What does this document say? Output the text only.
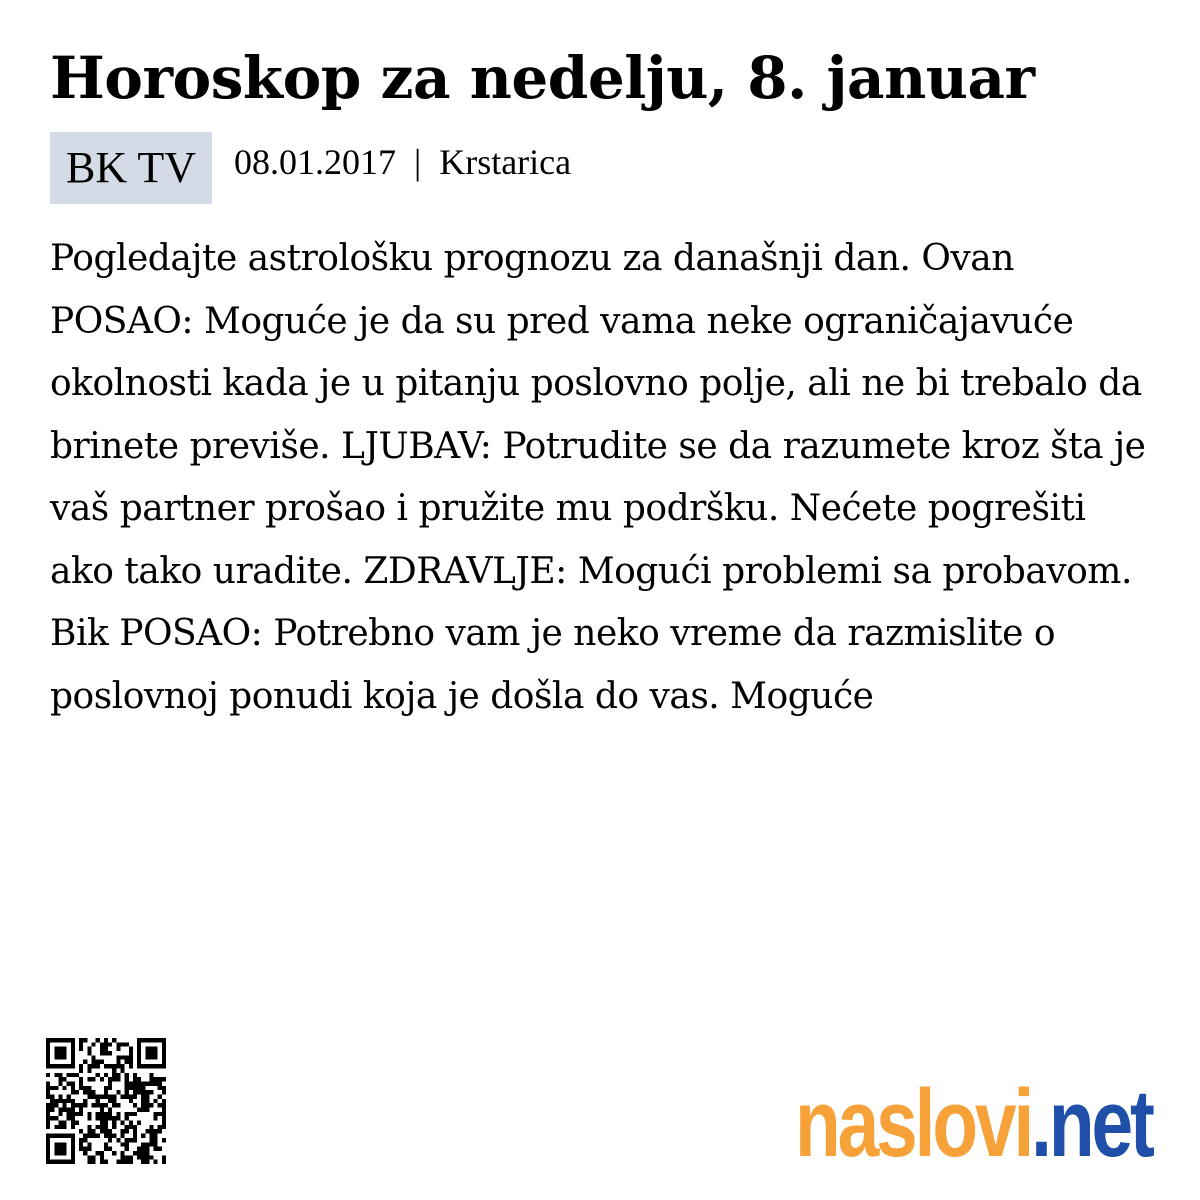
Horoskop za nedelju, 8. januar
BK TV	08.01.2017 | Krstarica

Pogledajte astrološku prognozu za današnji dan. Ovan POSAO: Moguće je da su pred vama neke ograničajavuće okolnosti kada je u pitanju poslovno polje, ali ne bi trebalo da brinete previše. LJUBAV: Potrudite se da razumete kroz šta je vaš partner prošao i pružite mu podršku. Nećete pogrešiti ako tako uradite. ZDRAVLJE: Mogući problemi sa probavom. Bik POSAO: Potrebno vam je neko vreme da razmislite o poslovnoj ponudi koja je došla do vas. Moguće

naslovi . net
